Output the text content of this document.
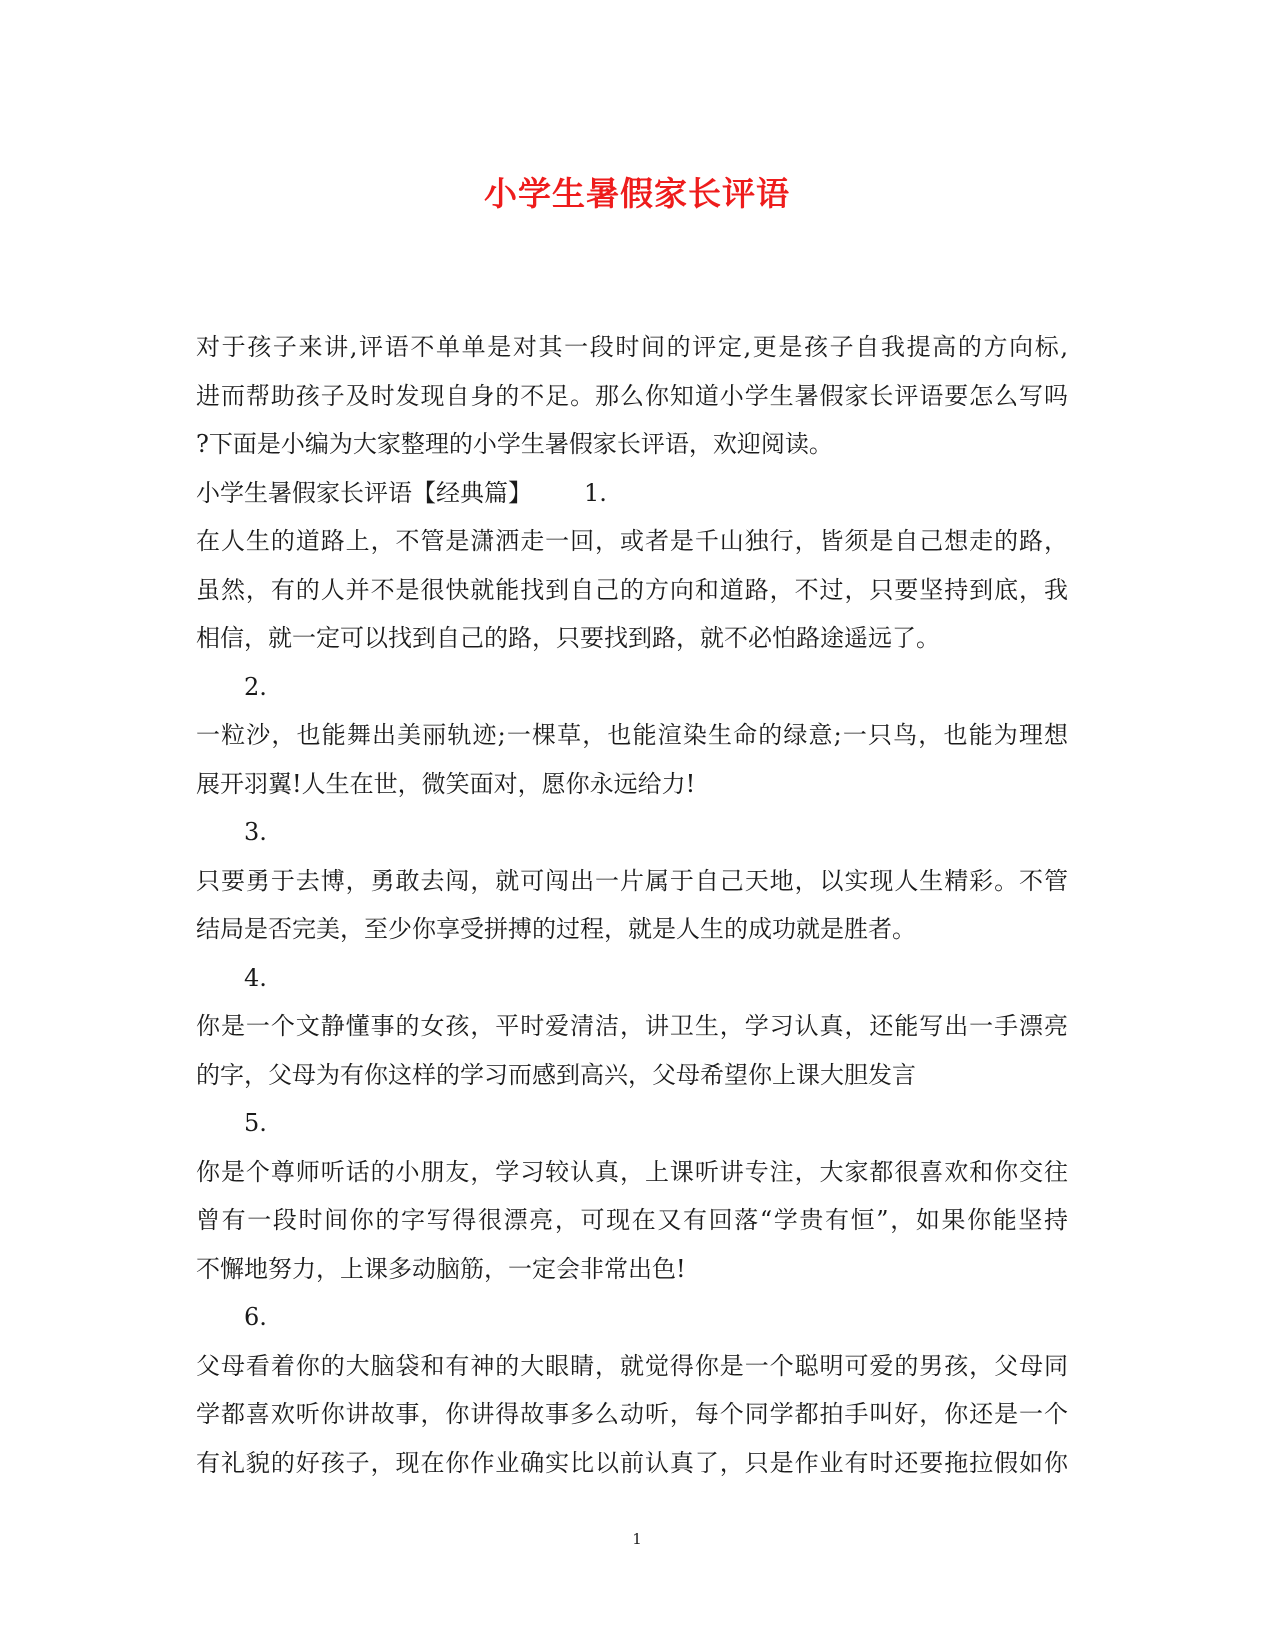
小学生暑假家长评语
对于孩子来讲,评语不单单是对其一段时间的评定,更是孩子自我提高的方向标,
进而帮助孩子及时发现自身的不足。那么你知道小学生暑假家长评语要怎么写吗
?下面是小编为大家整理的小学生暑假家长评语，欢迎阅读。
小学生暑假家长评语【经典篇】 1.
在人生的道路上，不管是潇洒走一回，或者是千山独行，皆须是自己想走的路，
虽然，有的人并不是很快就能找到自己的方向和道路，不过，只要坚持到底，我
相信，就一定可以找到自己的路，只要找到路，就不必怕路途遥远了。
2.
一粒沙，也能舞出美丽轨迹;一棵草，也能渲染生命的绿意;一只鸟，也能为理想
展开羽翼!人生在世，微笑面对，愿你永远给力!
3.
只要勇于去博，勇敢去闯，就可闯出一片属于自己天地，以实现人生精彩。不管
结局是否完美，至少你享受拼搏的过程，就是人生的成功就是胜者。
4.
你是一个文静懂事的女孩，平时爱清洁，讲卫生，学习认真，还能写出一手漂亮
的字，父母为有你这样的学习而感到高兴，父母希望你上课大胆发言
5.
你是个尊师听话的小朋友，学习较认真，上课听讲专注，大家都很喜欢和你交往
曾有一段时间你的字写得很漂亮，可现在又有回落“学贵有恒”，如果你能坚持
不懈地努力，上课多动脑筋，一定会非常出色!
6.
父母看着你的大脑袋和有神的大眼睛，就觉得你是一个聪明可爱的男孩，父母同
学都喜欢听你讲故事，你讲得故事多么动听，每个同学都拍手叫好，你还是一个
有礼貌的好孩子，现在你作业确实比以前认真了，只是作业有时还要拖拉假如你
1
